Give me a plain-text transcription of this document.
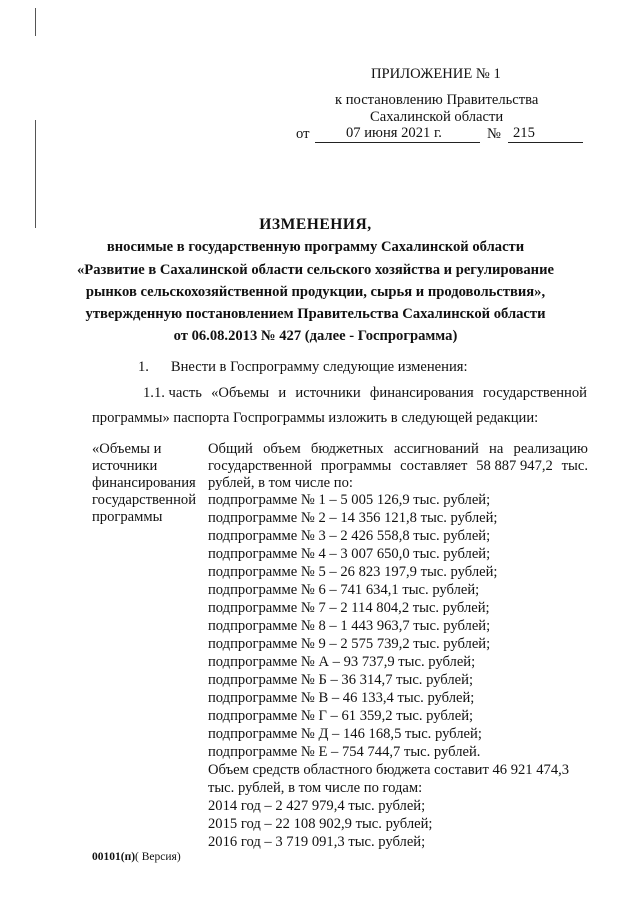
ПРИЛОЖЕНИЕ № 1
к постановлению Правительства
Сахалинской области
от	07 июня 2021 г.	№ 215
ИЗМЕНЕНИЯ,
вносимые в государственную программу Сахалинской области
«Развитие в Сахалинской области сельского хозяйства и регулирование
рынков сельскохозяйственной продукции, сырья и продовольствия»,
утвержденную постановлением Правительства Сахалинской области
от 06.08.2013 № 427 (далее - Госпрограмма)
1.  Внести в Госпрограмму следующие изменения:
1.1. часть «Объемы и источники финансирования государственной
программы» паспорта Госпрограммы изложить в следующей редакции:
«Объемы и
источники
финансирования
государственной
программы
Общий объем бюджетных ассигнований на реализацию
государственной программы составляет 58 887 947,2 тыс.
рублей, в том числе по:
подпрограмме № 1 – 5 005 126,9 тыс. рублей;
подпрограмме № 2 – 14 356 121,8 тыс. рублей;
подпрограмме № 3 – 2 426 558,8 тыс. рублей;
подпрограмме № 4 – 3 007 650,0 тыс. рублей;
подпрограмме № 5 – 26 823 197,9 тыс. рублей;
подпрограмме № 6 – 741 634,1 тыс. рублей;
подпрограмме № 7 – 2 114 804,2 тыс. рублей;
подпрограмме № 8 – 1 443 963,7 тыс. рублей;
подпрограмме № 9 – 2 575 739,2 тыс. рублей;
подпрограмме № А – 93 737,9 тыс. рублей;
подпрограмме № Б – 36 314,7 тыс. рублей;
подпрограмме № В – 46 133,4 тыс. рублей;
подпрограмме № Г – 61 359,2 тыс. рублей;
подпрограмме № Д – 146 168,5 тыс. рублей;
подпрограмме № Е – 754 744,7 тыс. рублей.
Объем средств областного бюджета составит 46 921 474,3
тыс. рублей, в том числе по годам:
2014 год – 2 427 979,4 тыс. рублей;
2015 год – 22 108 902,9 тыс. рублей;
2016 год – 3 719 091,3 тыс. рублей;
00101(п)( Версия)
